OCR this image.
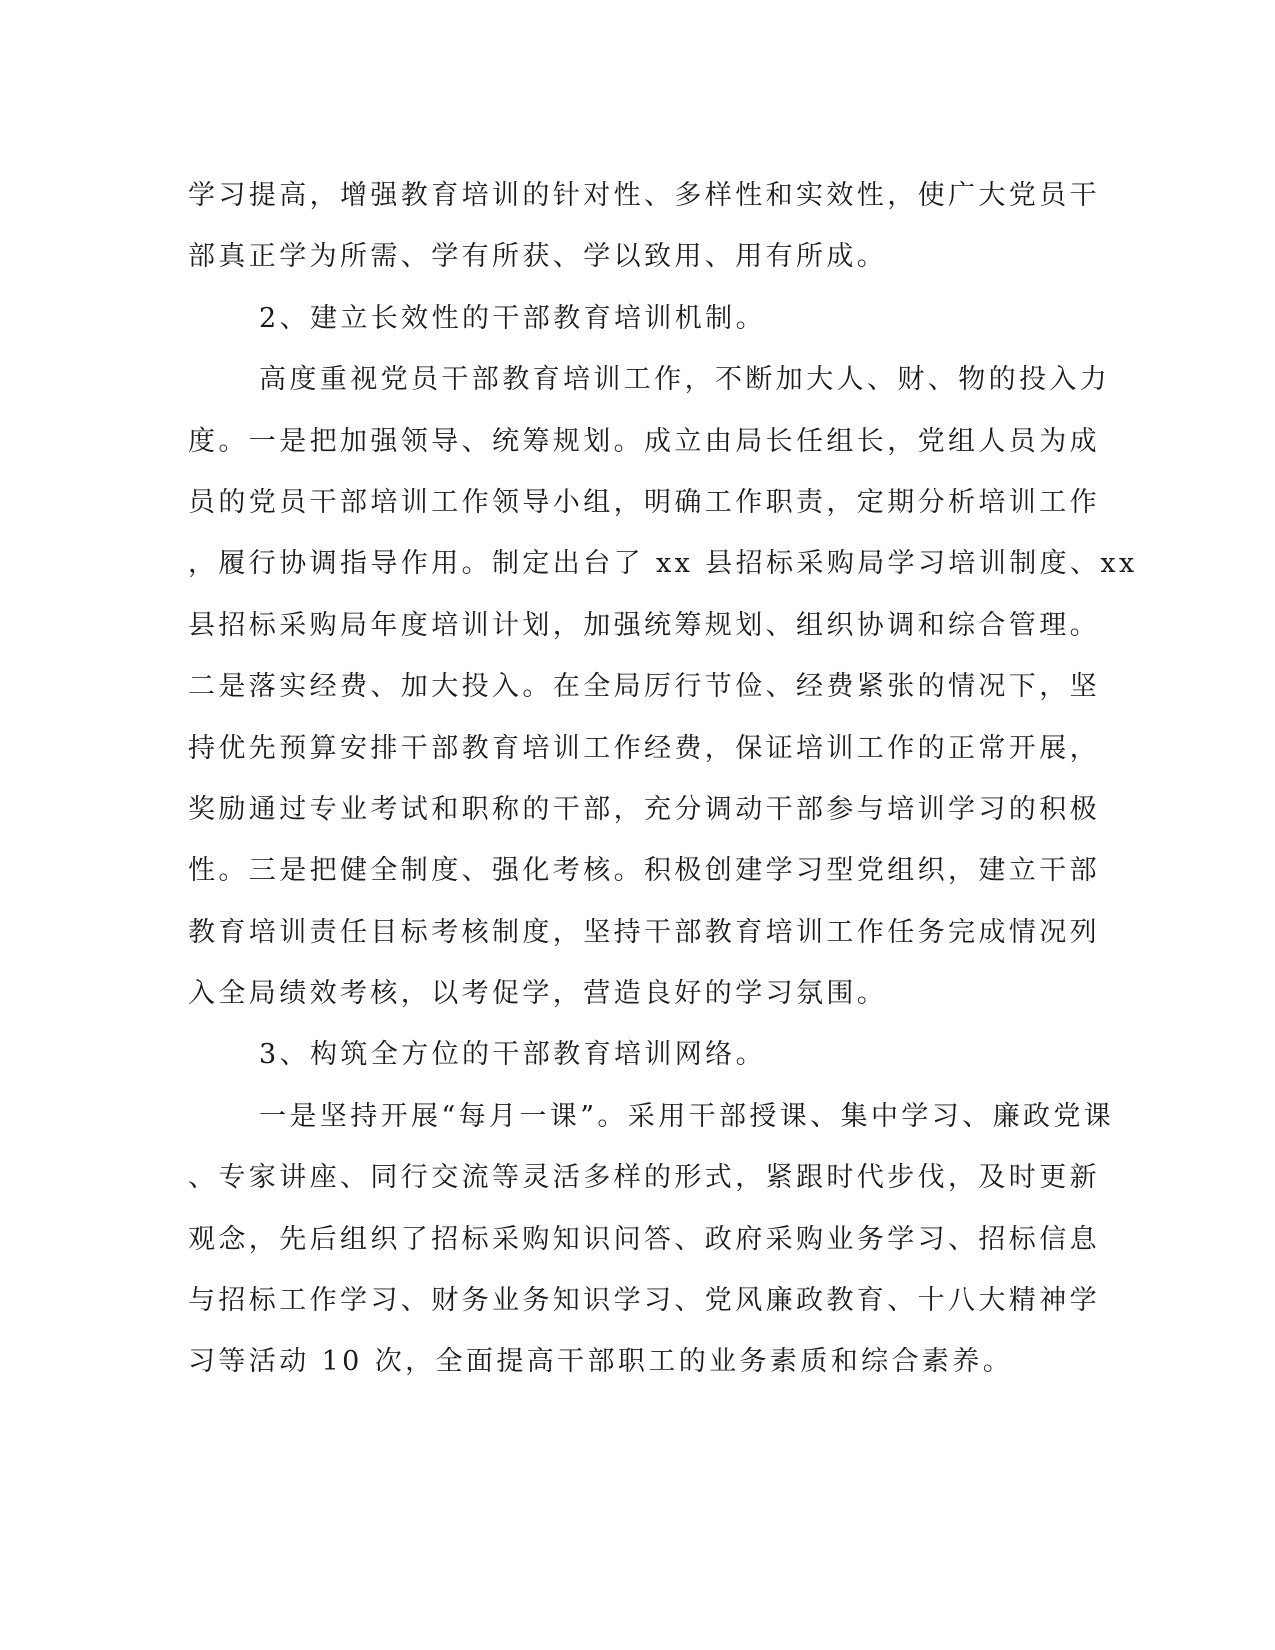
学习提高，增强教育培训的针对性、多样性和实效性，使广大党员干
部真正学为所需、学有所获、学以致用、用有所成。
2、建立长效性的干部教育培训机制。
高度重视党员干部教育培训工作，不断加大人、财、物的投入力
度。一是把加强领导、统筹规划。成立由局长任组长，党组人员为成
员的党员干部培训工作领导小组，明确工作职责，定期分析培训工作
，履行协调指导作用。制定出台了 xx 县招标采购局学习培训制度、xx
县招标采购局年度培训计划，加强统筹规划、组织协调和综合管理。
二是落实经费、加大投入。在全局厉行节俭、经费紧张的情况下，坚
持优先预算安排干部教育培训工作经费，保证培训工作的正常开展，
奖励通过专业考试和职称的干部，充分调动干部参与培训学习的积极
性。三是把健全制度、强化考核。积极创建学习型党组织，建立干部
教育培训责任目标考核制度，坚持干部教育培训工作任务完成情况列
入全局绩效考核，以考促学，营造良好的学习氛围。
3、构筑全方位的干部教育培训网络。
一是坚持开展“每月一课”。采用干部授课、集中学习、廉政党课
、专家讲座、同行交流等灵活多样的形式，紧跟时代步伐，及时更新
观念，先后组织了招标采购知识问答、政府采购业务学习、招标信息
与招标工作学习、财务业务知识学习、党风廉政教育、十八大精神学
习等活动 10 次，全面提高干部职工的业务素质和综合素养。
